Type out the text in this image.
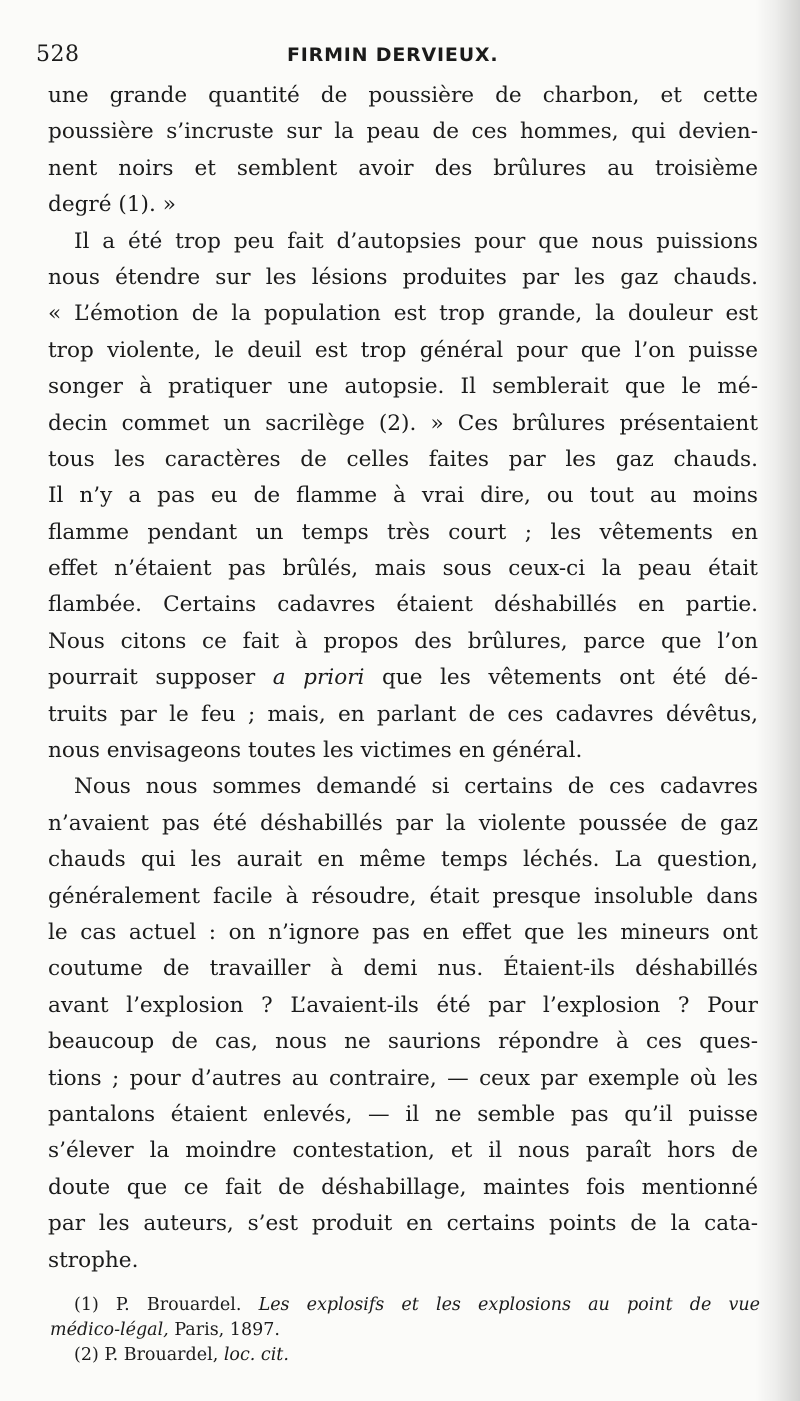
528	FIRMIN DERVIEUX.
une grande quantité de poussière de charbon, et cette
poussière s’incruste sur la peau de ces hommes, qui devien-
nent noirs et semblent avoir des brûlures au troisième
degré (1). »
Il a été trop peu fait d’autopsies pour que nous puissions
nous étendre sur les lésions produites par les gaz chauds.
« L’émotion de la population est trop grande, la douleur est
trop violente, le deuil est trop général pour que l’on puisse
songer à pratiquer une autopsie. Il semblerait que le mé-
decin commet un sacrilège (2). » Ces brûlures présentaient
tous les caractères de celles faites par les gaz chauds.
Il n’y a pas eu de flamme à vrai dire, ou tout au moins
flamme pendant un temps très court ; les vêtements en
effet n’étaient pas brûlés, mais sous ceux-ci la peau était
flambée. Certains cadavres étaient déshabillés en partie.
Nous citons ce fait à propos des brûlures, parce que l’on
pourrait supposer a priori que les vêtements ont été dé-
truits par le feu ; mais, en parlant de ces cadavres dévêtus,
nous envisageons toutes les victimes en général.
Nous nous sommes demandé si certains de ces cadavres
n’avaient pas été déshabillés par la violente poussée de gaz
chauds qui les aurait en même temps léchés. La question,
généralement facile à résoudre, était presque insoluble dans
le cas actuel : on n’ignore pas en effet que les mineurs ont
coutume de travailler à demi nus. Étaient-ils déshabillés
avant l’explosion ? L’avaient-ils été par l’explosion ? Pour
beaucoup de cas, nous ne saurions répondre à ces ques-
tions ; pour d’autres au contraire, — ceux par exemple où les
pantalons étaient enlevés, — il ne semble pas qu’il puisse
s’élever la moindre contestation, et il nous paraît hors de
doute que ce fait de déshabillage, maintes fois mentionné
par les auteurs, s’est produit en certains points de la cata-
strophe.
(1) P. Brouardel. Les explosifs et les explosions au point de vue
médico-légal, Paris, 1897.
(2) P. Brouardel, loc. cit.
